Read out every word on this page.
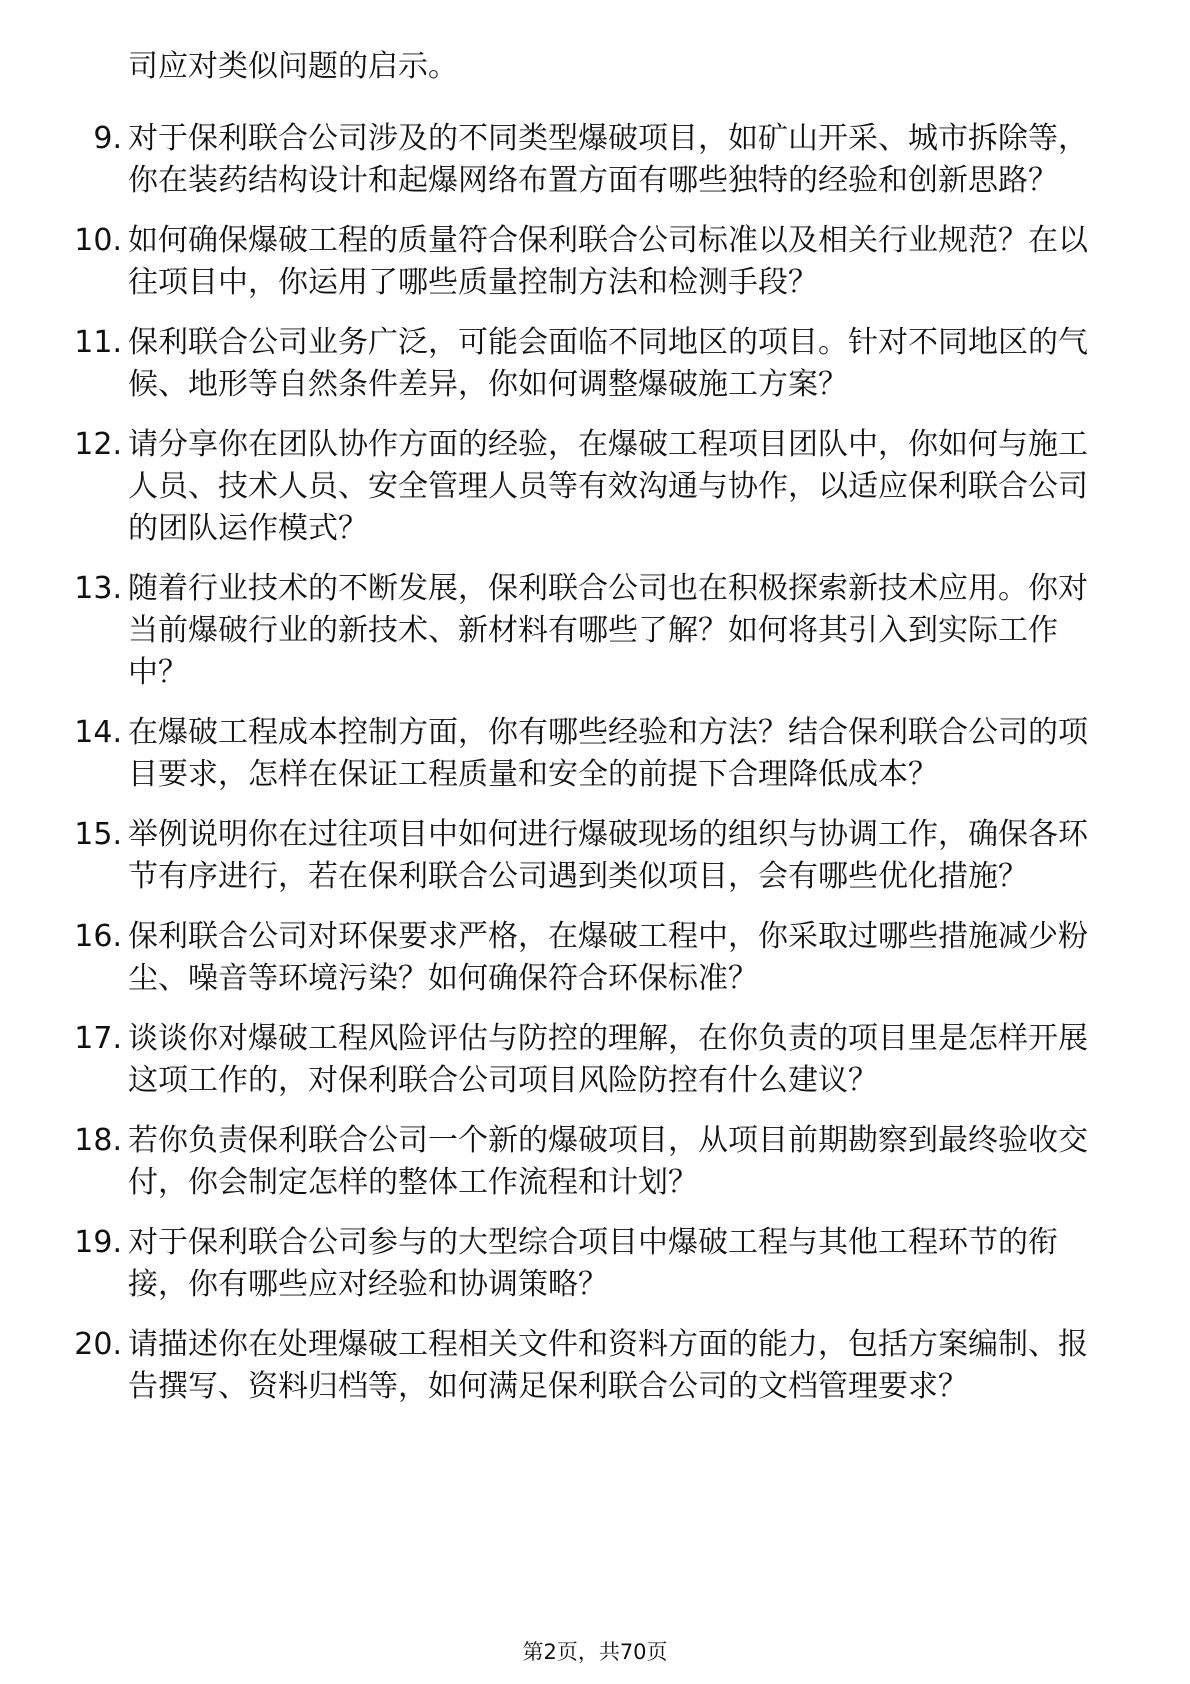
司应对类似问题的启示。
9. 对于保利联合公司涉及的不同类型爆破项目，如矿山开采、城市拆除等，你在装药结构设计和起爆网络布置方面有哪些独特的经验和创新思路？
10. 如何确保爆破工程的质量符合保利联合公司标准以及相关行业规范？在以往项目中，你运用了哪些质量控制方法和检测手段？
11. 保利联合公司业务广泛，可能会面临不同地区的项目。针对不同地区的气候、地形等自然条件差异，你如何调整爆破施工方案？
12. 请分享你在团队协作方面的经验，在爆破工程项目团队中，你如何与施工人员、技术人员、安全管理人员等有效沟通与协作，以适应保利联合公司的团队运作模式？
13. 随着行业技术的不断发展，保利联合公司也在积极探索新技术应用。你对当前爆破行业的新技术、新材料有哪些了解？如何将其引入到实际工作中？
14. 在爆破工程成本控制方面，你有哪些经验和方法？结合保利联合公司的项目要求，怎样在保证工程质量和安全的前提下合理降低成本？
15. 举例说明你在过往项目中如何进行爆破现场的组织与协调工作，确保各环节有序进行，若在保利联合公司遇到类似项目，会有哪些优化措施？
16. 保利联合公司对环保要求严格，在爆破工程中，你采取过哪些措施减少粉尘、噪音等环境污染？如何确保符合环保标准？
17. 谈谈你对爆破工程风险评估与防控的理解，在你负责的项目里是怎样开展这项工作的，对保利联合公司项目风险防控有什么建议？
18. 若你负责保利联合公司一个新的爆破项目，从项目前期勘察到最终验收交付，你会制定怎样的整体工作流程和计划？
19. 对于保利联合公司参与的大型综合项目中爆破工程与其他工程环节的衔接，你有哪些应对经验和协调策略？
20. 请描述你在处理爆破工程相关文件和资料方面的能力，包括方案编制、报告撰写、资料归档等，如何满足保利联合公司的文档管理要求？
第2页，共70页
